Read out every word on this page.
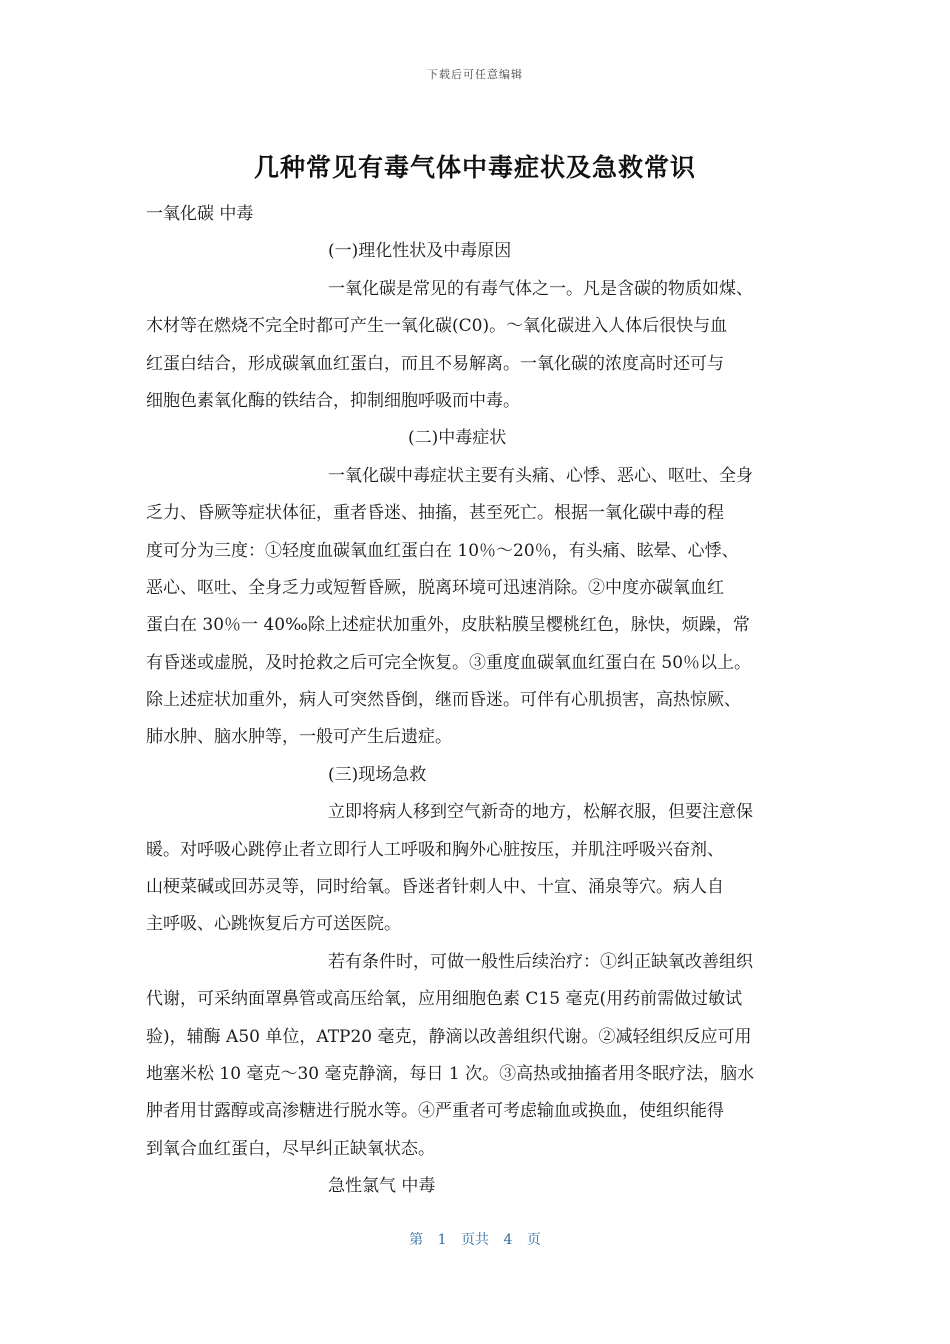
下载后可任意编辑
几种常见有毒气体中毒症状及急救常识
一氧化碳 中毒
(一)理化性状及中毒原因
一氧化碳是常见的有毒气体之一。凡是含碳的物质如煤、
木材等在燃烧不完全时都可产生一氧化碳(C0)。～氧化碳进入人体后很快与血
红蛋白结合，形成碳氧血红蛋白，而且不易解离。一氧化碳的浓度高时还可与
细胞色素氧化酶的铁结合，抑制细胞呼吸而中毒。
(二)中毒症状
一氧化碳中毒症状主要有头痛、心悸、恶心、呕吐、全身
乏力、昏厥等症状体征，重者昏迷、抽搐，甚至死亡。根据一氧化碳中毒的程
度可分为三度：①轻度血碳氧血红蛋白在 10％～20％，有头痛、眩晕、心悸、
恶心、呕吐、全身乏力或短暂昏厥，脱离环境可迅速消除。②中度亦碳氧血红
蛋白在 30％一 40‰除上述症状加重外，皮肤粘膜呈樱桃红色，脉快，烦躁，常
有昏迷或虚脱，及时抢救之后可完全恢复。③重度血碳氧血红蛋白在 50％以上。
除上述症状加重外，病人可突然昏倒，继而昏迷。可伴有心肌损害，高热惊厥、
肺水肿、脑水肿等，一般可产生后遗症。
(三)现场急救
立即将病人移到空气新奇的地方，松解衣服，但要注意保
暖。对呼吸心跳停止者立即行人工呼吸和胸外心脏按压，并肌注呼吸兴奋剂、
山梗菜碱或回苏灵等，同时给氧。昏迷者针刺人中、十宣、涌泉等穴。病人自
主呼吸、心跳恢复后方可送医院。
若有条件时，可做一般性后续治疗：①纠正缺氧改善组织
代谢，可采纳面罩鼻管或高压给氧，应用细胞色素 C15 毫克(用药前需做过敏试
验)，辅酶 A50 单位，ATP20 毫克，静滴以改善组织代谢。②减轻组织反应可用
地塞米松 10 毫克～30 毫克静滴，每日 1 次。③高热或抽搐者用冬眠疗法，脑水
肿者用甘露醇或高渗糖进行脱水等。④严重者可考虑输血或换血，使组织能得
到氧合血红蛋白，尽早纠正缺氧状态。
急性氯气 中毒
第 1 页共 4 页
